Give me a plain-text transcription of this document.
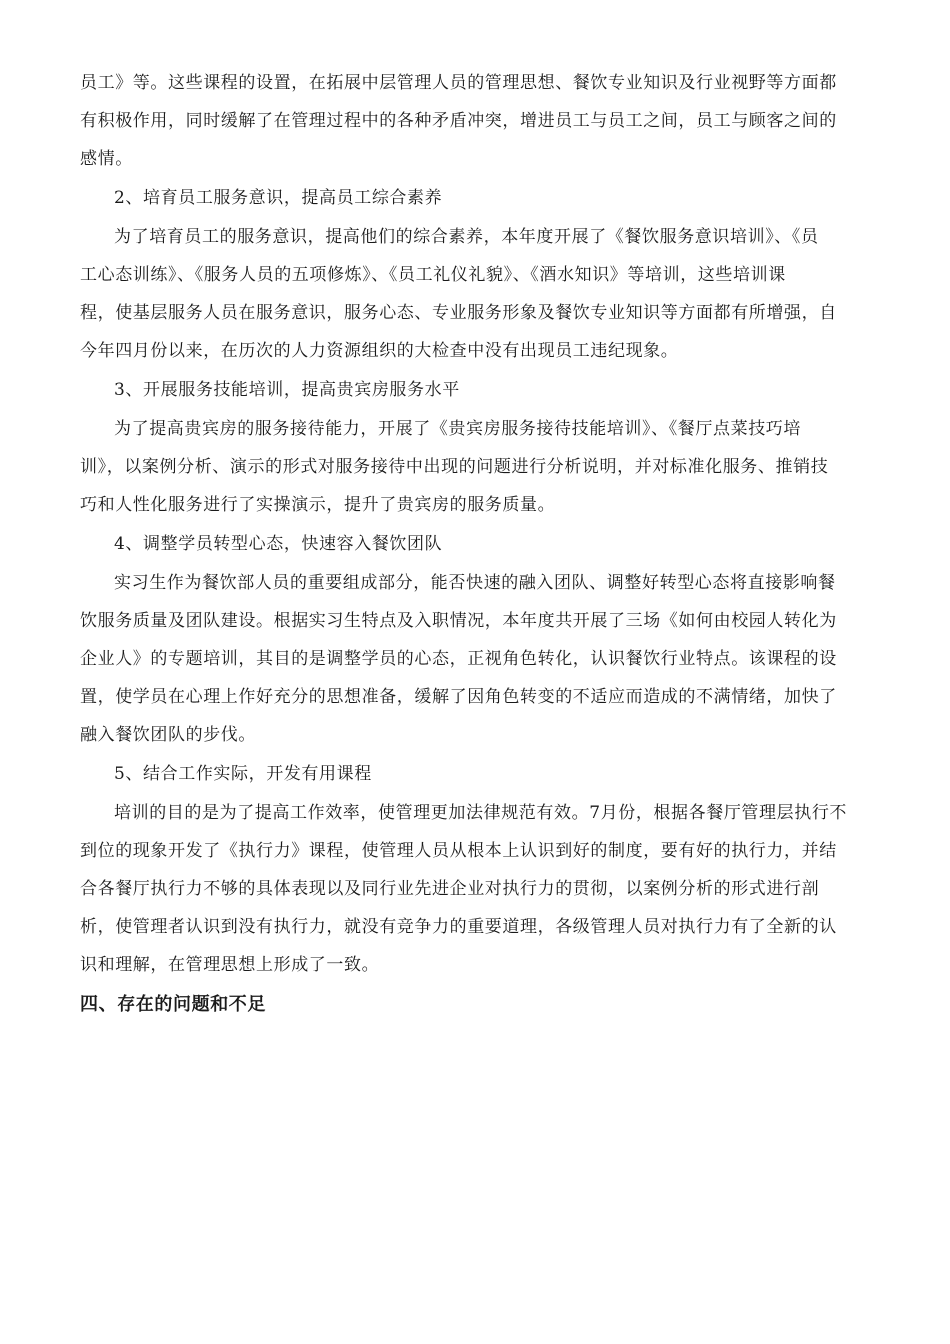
员工》等。这些课程的设置，在拓展中层管理人员的管理思想、餐饮专业知识及行业视野等方面都
有积极作用，同时缓解了在管理过程中的各种矛盾冲突，增进员工与员工之间，员工与顾客之间的
感情。
2、培育员工服务意识，提高员工综合素养
为了培育员工的服务意识，提高他们的综合素养，本年度开展了《餐饮服务意识培训》、《员
工心态训练》、《服务人员的五项修炼》、《员工礼仪礼貌》、《酒水知识》等培训，这些培训课
程，使基层服务人员在服务意识，服务心态、专业服务形象及餐饮专业知识等方面都有所增强，自
今年四月份以来，在历次的人力资源组织的大检查中没有出现员工违纪现象。
3、开展服务技能培训，提高贵宾房服务水平
为了提高贵宾房的服务接待能力，开展了《贵宾房服务接待技能培训》、《餐厅点菜技巧培
训》，以案例分析、演示的形式对服务接待中出现的问题进行分析说明，并对标准化服务、推销技
巧和人性化服务进行了实操演示，提升了贵宾房的服务质量。
4、调整学员转型心态，快速容入餐饮团队
实习生作为餐饮部人员的重要组成部分，能否快速的融入团队、调整好转型心态将直接影响餐
饮服务质量及团队建设。根据实习生特点及入职情况，本年度共开展了三场《如何由校园人转化为
企业人》的专题培训，其目的是调整学员的心态，正视角色转化，认识餐饮行业特点。该课程的设
置，使学员在心理上作好充分的思想准备，缓解了因角色转变的不适应而造成的不满情绪，加快了
融入餐饮团队的步伐。
5、结合工作实际，开发有用课程
培训的目的是为了提高工作效率，使管理更加法律规范有效。7月份，根据各餐厅管理层执行不
到位的现象开发了《执行力》课程，使管理人员从根本上认识到好的制度，要有好的执行力，并结
合各餐厅执行力不够的具体表现以及同行业先进企业对执行力的贯彻，以案例分析的形式进行剖
析，使管理者认识到没有执行力，就没有竞争力的重要道理，各级管理人员对执行力有了全新的认
识和理解，在管理思想上形成了一致。
四、存在的问题和不足
